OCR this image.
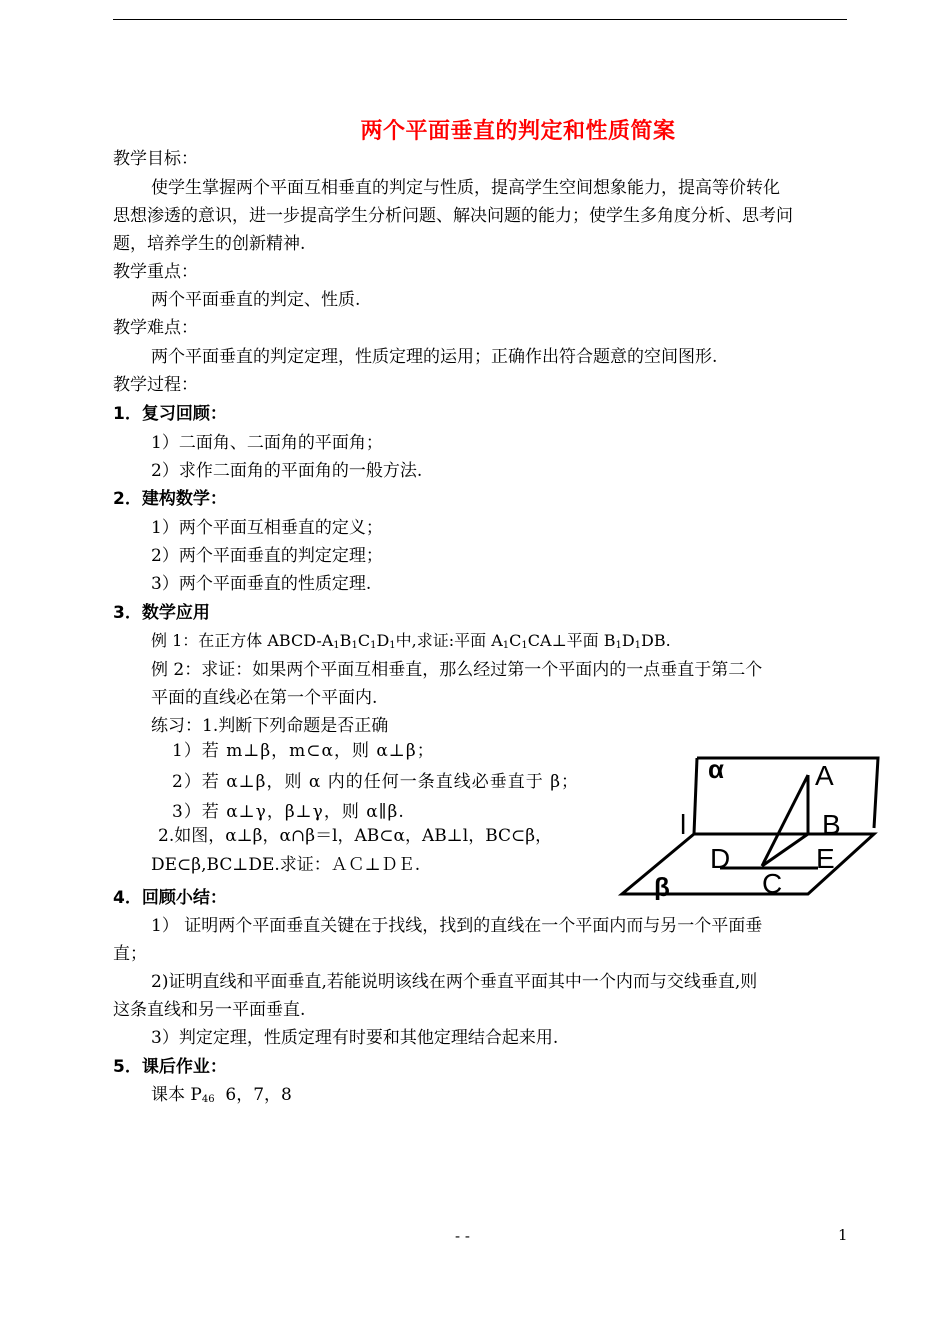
两个平面垂直的判定和性质简案
教学目标：
使学生掌握两个平面互相垂直的判定与性质，提高学生空间想象能力，提高等价转化
思想渗透的意识，进一步提高学生分析问题、解决问题的能力；使学生多角度分析、思考问
题，培养学生的创新精神.
教学重点：
两个平面垂直的判定、性质.
教学难点：
两个平面垂直的判定定理，性质定理的运用；正确作出符合题意的空间图形.
教学过程：
1．复习回顾：
1）二面角、二面角的平面角；
2）求作二面角的平面角的一般方法.
2．建构数学：
1）两个平面互相垂直的定义；
2）两个平面垂直的判定定理；
3）两个平面垂直的性质定理.
3．数学应用
例 1：在正方体 ABCD-$A_1B_1C_1D_1$中,求证:平面 $A_1C_1CA\perp$平面 $B_1D_1DB$.
例 2：求证：如果两个平面互相垂直，那么经过第一个平面内的一点垂直于第二个
平面的直线必在第一个平面内.
练习：1.判断下列命题是否正确
1）若 m⊥β，m⊂α，则 α⊥β；
2）若 α⊥β，则 α 内的任何一条直线必垂直于 β；
3）若 α⊥γ，β⊥γ，则 α∥β.
2.如图，α⊥β，α∩β＝l，AB⊂α，AB⊥l，BC⊂β，
DE⊂β,BC⊥DE.求证：ＡＣ⊥ＤＥ.
α	A
l	B
D	E
C
β
4．回顾小结：
1） 证明两个平面垂直关键在于找线，找到的直线在一个平面内而与另一个平面垂
直；
2)证明直线和平面垂直,若能说明该线在两个垂直平面其中一个内而与交线垂直,则
这条直线和另一平面垂直.
3）判定定理，性质定理有时要和其他定理结合起来用.
5．课后作业：
课本 $P_{46}$  6，7，8
- -	1
